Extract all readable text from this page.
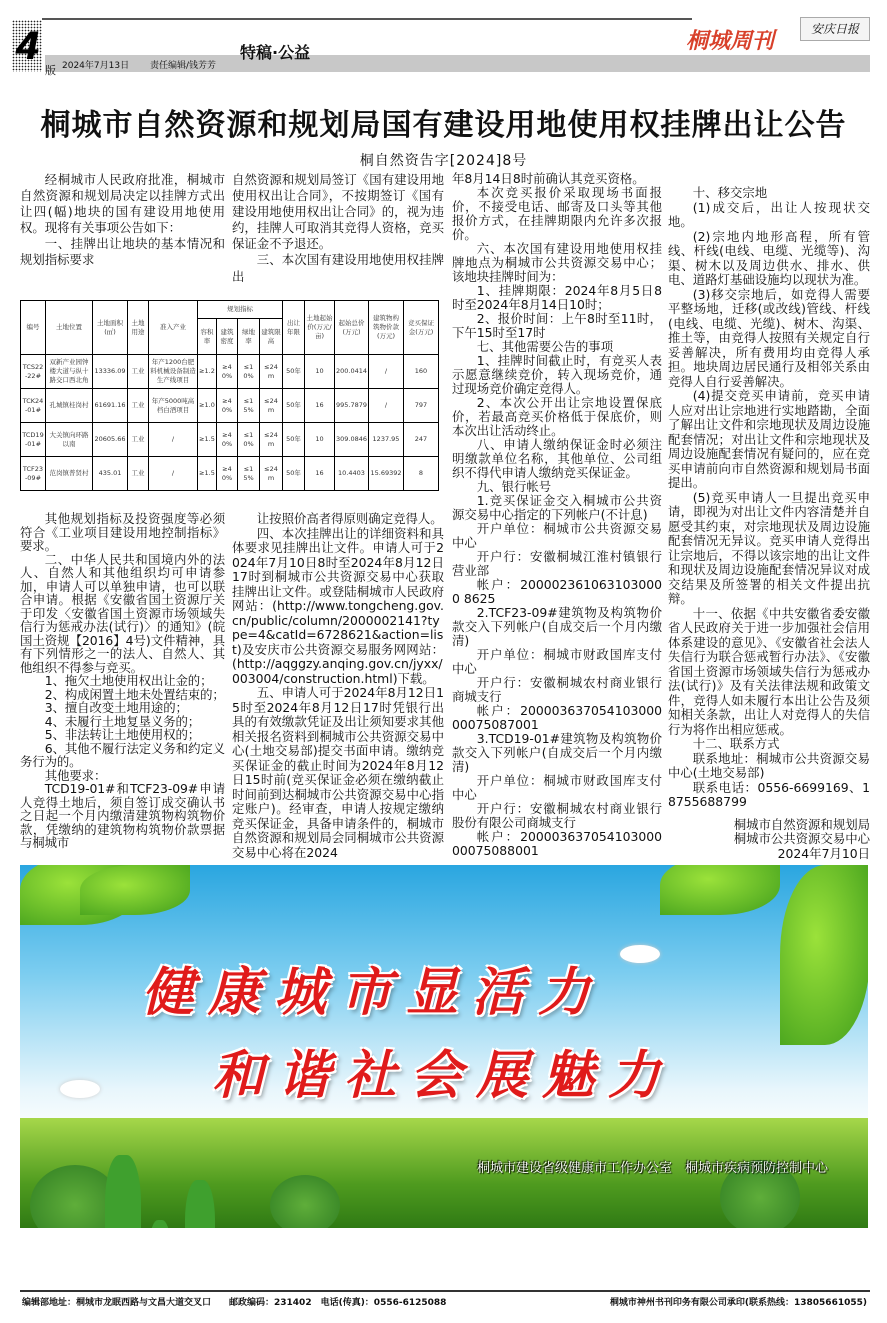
4
版 2024年7月13日 责任编辑/钱芳芳
特稿·公益	桐城周刊	安庆日报
桐城市自然资源和规划局国有建设用地使用权挂牌出让公告
桐自然资告字[2024]8号

经桐城市人民政府批准，桐城市自然资源和规划局决定以挂牌方式出让四(幅)地块的国有建设用地使用权。现将有关事项公告如下：

一、挂牌出让地块的基本情况和规划指标要求

自然资源和规划局签订《国有建设用地使用权出让合同》，不按期签订《国有建设用地使用权出让合同》的，视为违约，挂牌人可取消其竞得人资格，竞买保证金不予退还。

三、本次国有建设用地使用权挂牌出

编号	土地位置	土地面积(㎡)	土地用途	准入产业	规划指标				出让年限	土地起始价(万元/亩)	起始总价(万元)	建筑物构筑物价款(万元)	竞买保证金(万元)
					容积率	建筑密度	绿地率	建筑限高					
TCS22-22#	双新产业园钟楼大道与纵十路交口西北角	13336.09	工业	年产1200台肥料机械设备制造生产线项目	≥1.2	≥40%	≤10%	≤24m	50年	10	200.0414	/	160
TCK24-01#	孔城镇桂岗村	61691.16	工业	年产5000吨高档白酒项目	≥1.0	≥40%	≤15%	≤24m	50年	16	995.7879	/	797
TCD19-01#	大关镇向环路以南	20605.66	工业	/	≥1.5	≥40%	≤10%	≤24m	50年	10	309.0846	1237.95	247
TCF23-09#	范岗镇普贤村	435.01	工业	/	≥1.5	≥40%	≤15%	≤24m	50年	16	10.4403	15.69392	8

其他规划指标及投资强度等必须符合《工业项目建设用地控制指标》要求。

二、中华人民共和国境内外的法人、自然人和其他组织均可申请参加，申请人可以单独申请，也可以联合申请。根据《安徽省国土资源厅关于印发〈安徽省国土资源市场领域失信行为惩戒办法(试行)〉的通知》(皖国土资规【2016】4号)文件精神，具有下列情形之一的法人、自然人、其他组织不得参与竞买。

1、拖欠土地使用权出让金的；

2、构成闲置土地未处置结束的；

3、擅自改变土地用途的；

4、未履行土地复垦义务的；

5、非法转让土地使用权的；

6、其他不履行法定义务和约定义务行为的。

其他要求：

TCD19-01#和TCF23-09#申请人竞得土地后，须自签订成交确认书之日起一个月内缴清建筑物构筑物价款，凭缴纳的建筑物构筑物价款票据与桐城市

让按照价高者得原则确定竞得人。

四、本次挂牌出让的详细资料和具体要求见挂牌出让文件。申请人可于2024年7月10日8时至2024年8月12日17时到桐城市公共资源交易中心获取挂牌出让文件。或登陆桐城市人民政府网站：(http://www.tongcheng.gov.cn/public/column/2000002141?type=4&catId=6728621&action=list)及安庆市公共资源交易服务网网站：(http://aqggzy.anqing.gov.cn/jyxx/003004/construction.html)下载。

五、申请人可于2024年8月12日15时至2024年8月12日17时凭银行出具的有效缴款凭证及出让须知要求其他相关报名资料到桐城市公共资源交易中心(土地交易部)提交书面申请。缴纳竞买保证金的截止时间为2024年8月12日15时前(竞买保证金必须在缴纳截止时间前到达桐城市公共资源交易中心指定账户)。经审查，申请人按规定缴纳竞买保证金，具备申请条件的，桐城市自然资源和规划局会同桐城市公共资源交易中心将在2024

年8月14日8时前确认其竞买资格。

本次竞买报价采取现场书面报价，不接受电话、邮寄及口头等其他报价方式，在挂牌期限内允许多次报价。

六、本次国有建设用地使用权挂牌地点为桐城市公共资源交易中心；该地块挂牌时间为：

1、挂牌期限：2024年8月5日8时至2024年8月14日10时；

2、报价时间：上午8时至11时，下午15时至17时

七、其他需要公告的事项

1、挂牌时间截止时，有竞买人表示愿意继续竞价，转入现场竞价，通过现场竞价确定竞得人。

2、本次公开出让宗地设置保底价，若最高竞买价格低于保底价，则本次出让活动终止。

八、申请人缴纳保证金时必须注明缴款单位名称，其他单位、公司组织不得代申请人缴纳竞买保证金。

九、银行帐号

1.竞买保证金交入桐城市公共资源交易中心指定的下列帐户(不计息)

开户单位：桐城市公共资源交易中心

开户行：安徽桐城江淮村镇银行营业部

帐户：2000023610631030000 8625

2.TCF23-09#建筑物及构筑物价款交入下列帐户(自成交后一个月内缴清)

开户单位：桐城市财政国库支付中心

开户行：安徽桐城农村商业银行商城支行

帐户：20000363705410300000075087001

3.TCD19-01#建筑物及构筑物价款交入下列帐户(自成交后一个月内缴清)

开户单位：桐城市财政国库支付中心

开户行：安徽桐城农村商业银行股份有限公司商城支行

帐户：20000363705410300000075088001

十、移交宗地

(1)成交后，出让人按现状交地。

(2)宗地内地形高程，所有管线、杆线(电线、电缆、光缆等)、沟渠、树木以及周边供水、排水、供电、道路灯基础设施均以现状为准。

(3)移交宗地后，如竞得人需要平整场地，迁移(或改线)管线、杆线(电线、电缆、光缆)、树木、沟渠、推土等，由竞得人按照有关规定自行妥善解决，所有费用均由竞得人承担。地块周边居民通行及相邻关系由竞得人自行妥善解决。

(4)提交竞买申请前，竞买申请人应对出让宗地进行实地踏勘，全面了解出让文件和宗地现状及周边设施配套情况；对出让文件和宗地现状及周边设施配套情况有疑问的，应在竞买申请前向市自然资源和规划局书面提出。

(5)竞买申请人一旦提出竞买申请，即视为对出让文件内容清楚并自愿受其约束，对宗地现状及周边设施配套情况无异议。竞买申请人竞得出让宗地后，不得以该宗地的出让文件和现状及周边设施配套情况异议对成交结果及所签署的相关文件提出抗辩。

十一、依据《中共安徽省委安徽省人民政府关于进一步加强社会信用体系建设的意见》、《安徽省社会法人失信行为联合惩戒暂行办法》、《安徽省国土资源市场领域失信行为惩戒办法(试行)》及有关法律法规和政策文件，竞得人如未履行本出让公告及须知相关条款，出让人对竞得人的失信行为将作出相应惩戒。

十二、联系方式

联系地址：桐城市公共资源交易中心(土地交易部)

联系电话：0556-6699169、18755688799

桐城市自然资源和规划局

桐城市公共资源交易中心

2024年7月10日

健康城市显活力
和谐社会展魅力
桐城市建设省级健康市工作办公室　桐城市疾病预防控制中心
编辑部地址：桐城市龙眠西路与文昌大道交叉口　　邮政编码：231402　电话(传真)：0556-6125088	桐城市神州书刊印务有限公司承印(联系热线：13805661055)
